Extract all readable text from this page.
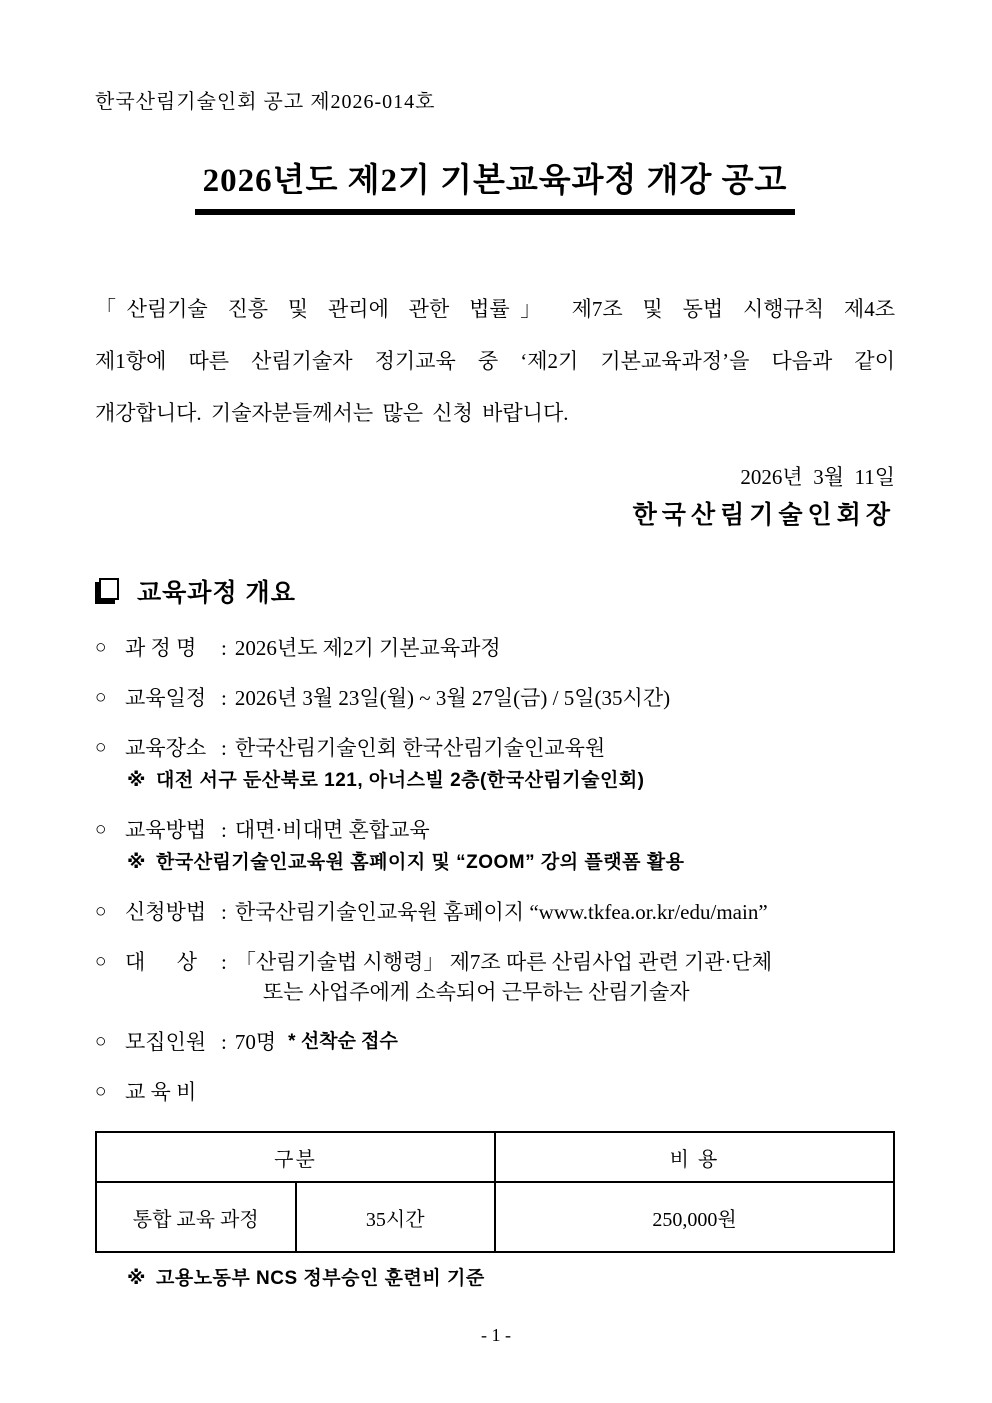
한국산림기술인회 공고 제2026-014호
2026년도 제2기 기본교육과정 개강 공고
「산림기술 진흥 및 관리에 관한 법률」 제7조 및 동법 시행규칙 제4조
제1항에 따른 산림기술자 정기교육 중 ‘제2기 기본교육과정’을 다음과 같이
개강합니다. 기술자분들께서는 많은 신청 바랍니다.
2026년  3월  11일
한국산림기술인회장
교육과정 개요
○ 과 정 명	: 2026년도 제2기 기본교육과정
○ 교육일정 : 2026년 3월 23일(월) ~ 3월 27일(금) / 5일(35시간)
○ 교육장소 : 한국산림기술인회 한국산림기술인교육원
※ 대전 서구 둔산북로 121, 아너스빌 2층(한국산림기술인회)
○ 교육방법 : 대면·비대면 혼합교육
※ 한국산림기술인교육원 홈페이지 및 “ZOOM” 강의 플랫폼 활용
○ 신청방법 : 한국산림기술인교육원 홈페이지 “www.tkfea.or.kr/edu/main”
○ 대      상	: 「산림기술법 시행령」 제7조 따른 산림사업 관련 기관·단체
또는 사업주에게 소속되어 근무하는 산림기술자
○ 모집인원 : 70명 * 선착순 접수
○ 교 육 비
구분		비 용
통합 교육 과정	35시간	250,000원
※ 고용노동부 NCS 정부승인 훈련비 기준
- 1 -
